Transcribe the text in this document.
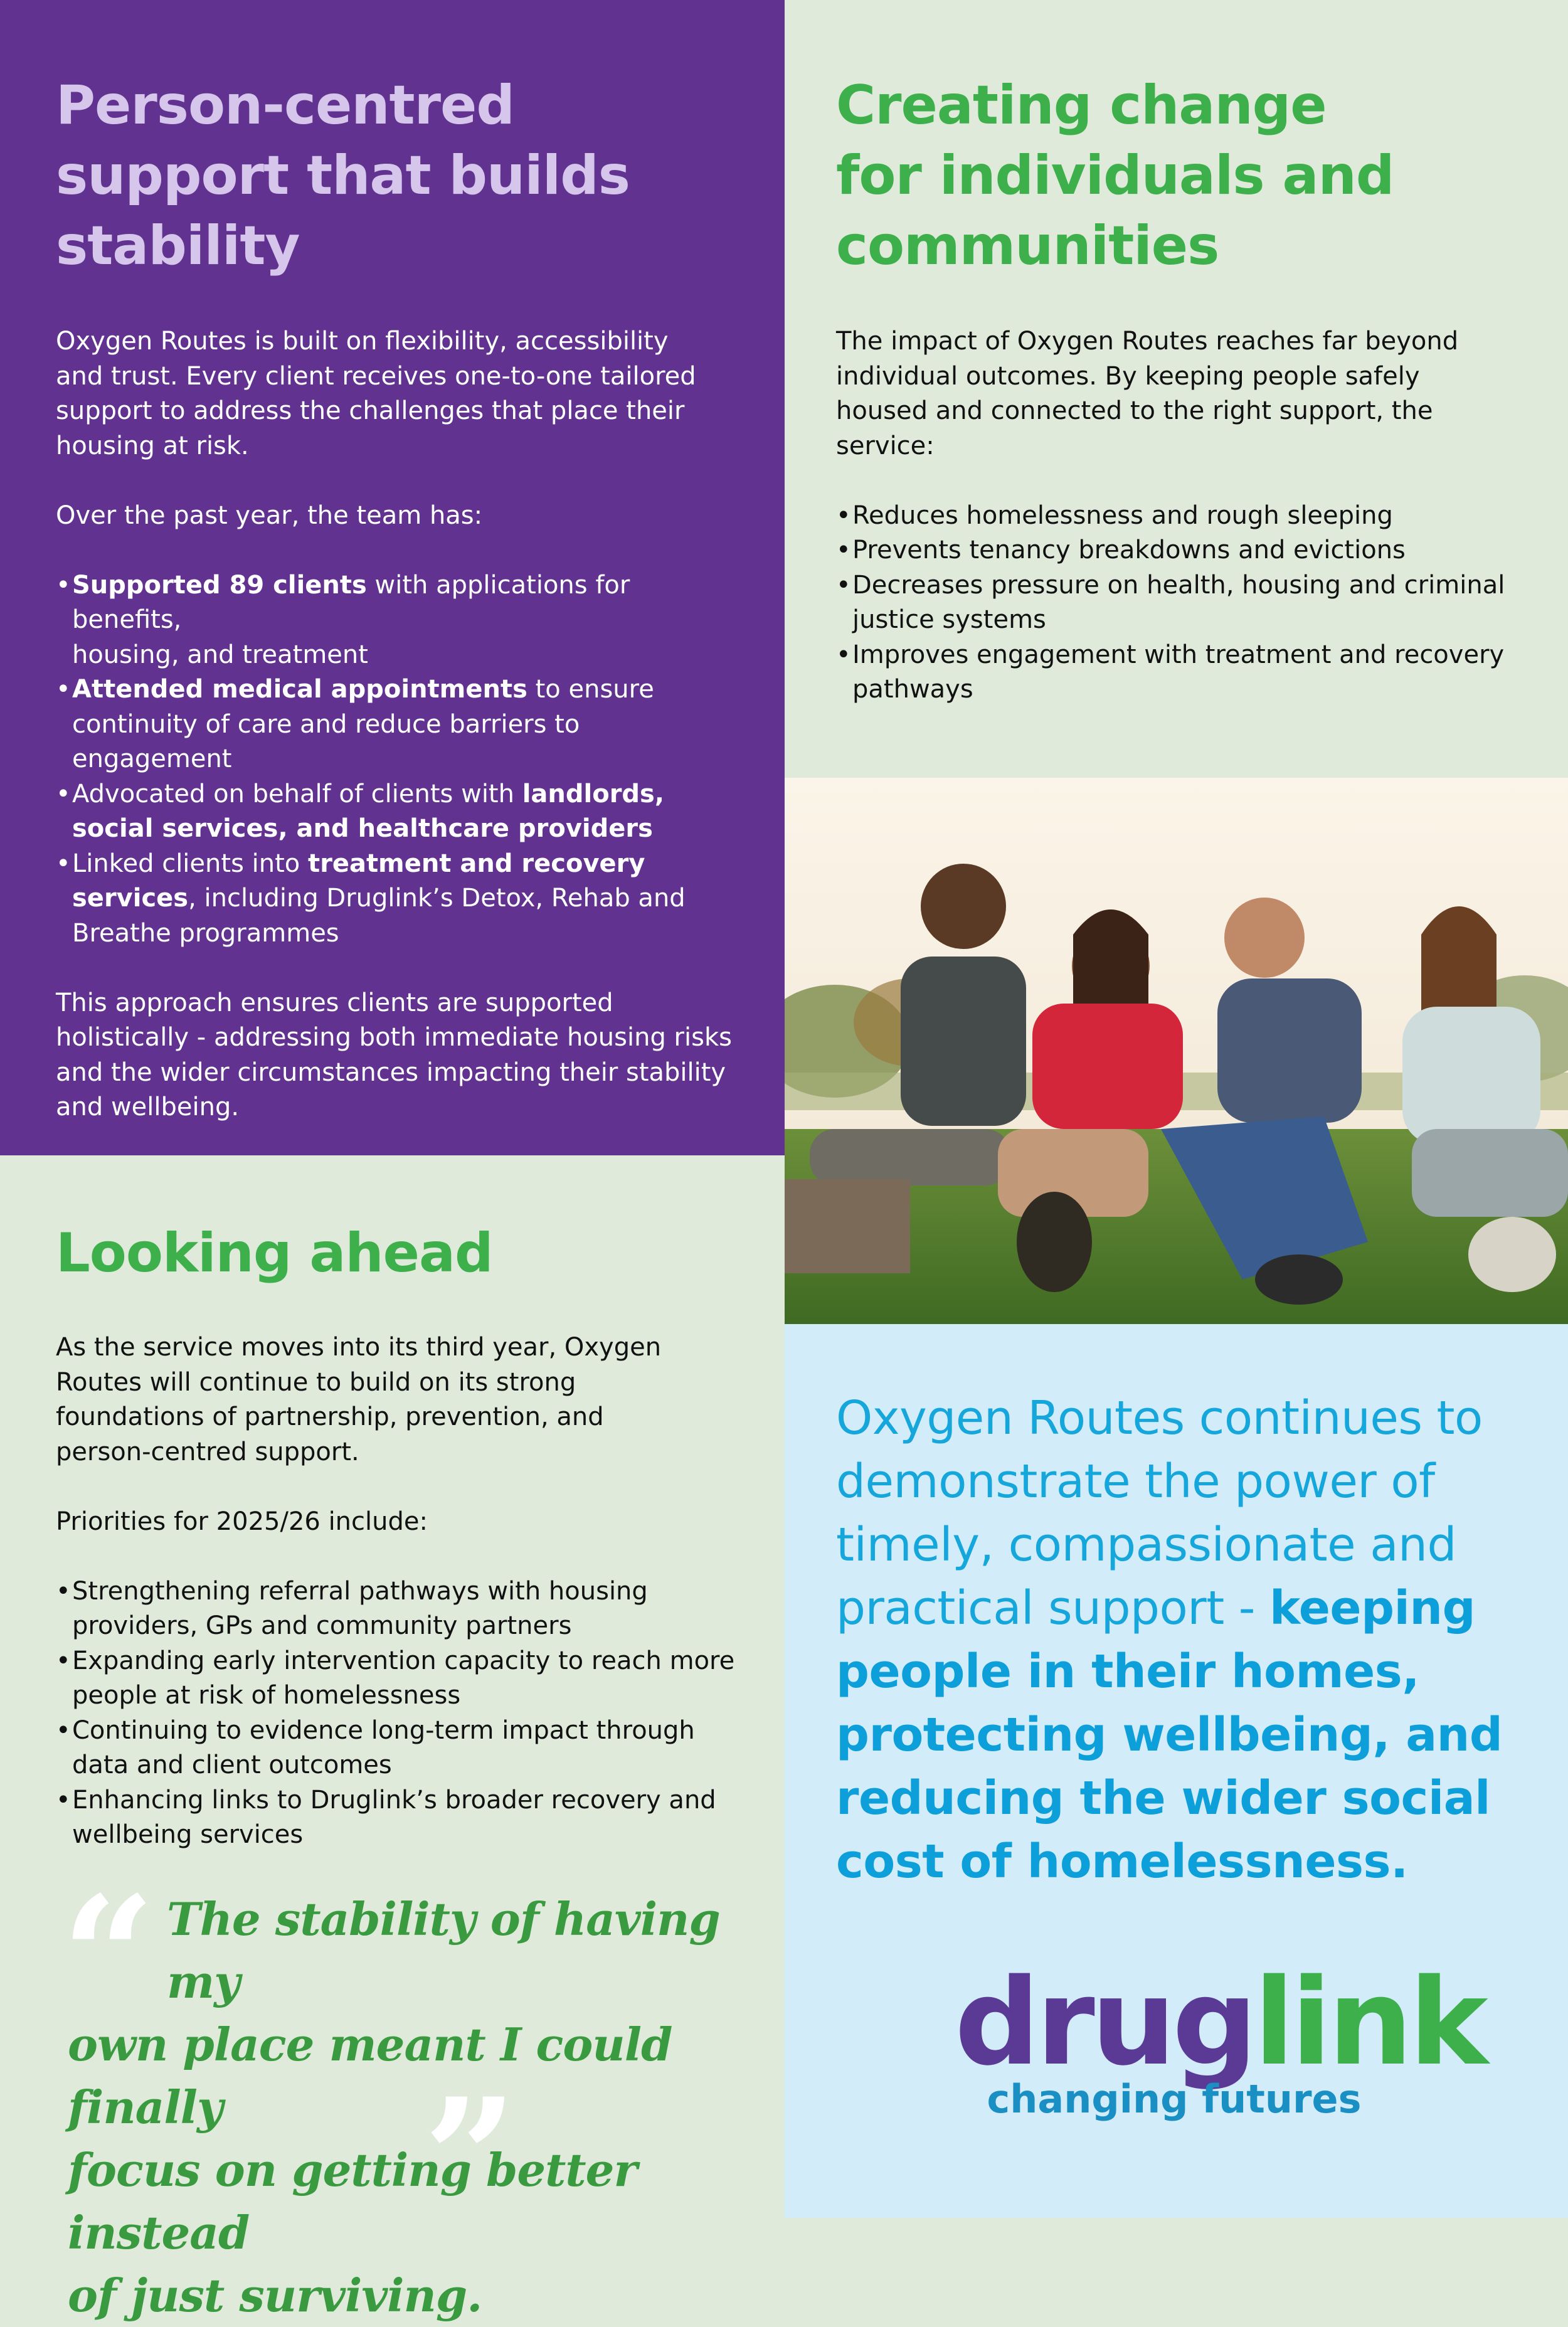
Person-centred
support that builds
stability

Oxygen Routes is built on flexibility, accessibility
and trust. Every client receives one-to-one tailored
support to address the challenges that place their
housing at risk.

Over the past year, the team has:

• Supported 89 clients with applications for benefits,
housing, and treatment
• Attended medical appointments to ensure
continuity of care and reduce barriers to
engagement
• Advocated on behalf of clients with landlords,
social services, and healthcare providers
• Linked clients into treatment and recovery
services, including Druglink’s Detox, Rehab and
Breathe programmes

This approach ensures clients are supported
holistically - addressing both immediate housing risks
and the wider circumstances impacting their stability
and wellbeing.

Creating change
for individuals and
communities

The impact of Oxygen Routes reaches far beyond
individual outcomes. By keeping people safely
housed and connected to the right support, the
service:

• Reduces homelessness and rough sleeping
• Prevents tenancy breakdowns and evictions
• Decreases pressure on health, housing and criminal
justice systems
• Improves engagement with treatment and recovery
pathways
Looking ahead

As the service moves into its third year, Oxygen
Routes will continue to build on its strong
foundations of partnership, prevention, and
person-centred support.

Priorities for 2025/26 include:

• Strengthening referral pathways with housing
providers, GPs and community partners
• Expanding early intervention capacity to reach more
people at risk of homelessness
• Continuing to evidence long-term impact through
data and client outcomes
• Enhancing links to Druglink’s broader recovery and
wellbeing services
“ The stability of having my
own place meant I could finally
focus on getting better instead
of just surviving.
”

Oxygen Routes continues to
demonstrate the power of
timely, compassionate and
practical support - keeping
people in their homes,
protecting wellbeing, and
reducing the wider social
cost of homelessness.

druglink
changing futures
